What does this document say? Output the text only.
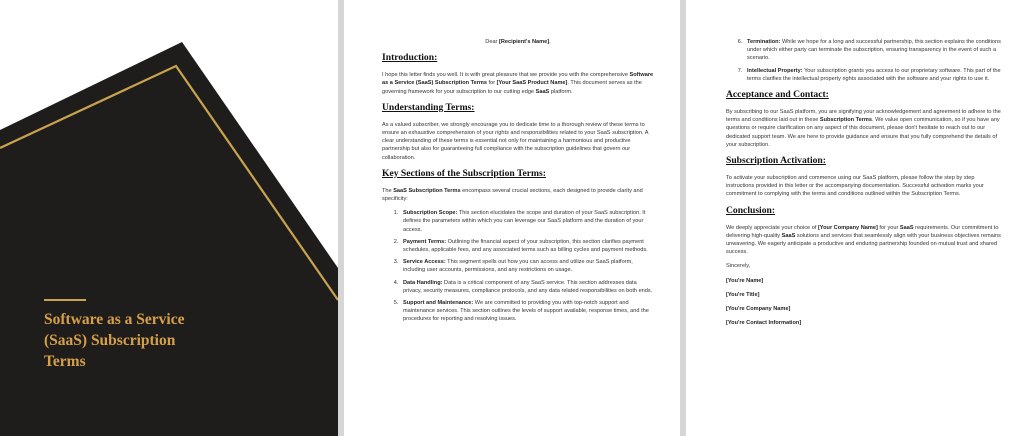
Software as a Service (SaaS) Subscription Terms
Dear [Recipient's Name],
Introduction:

I hope this letter finds you well. It is with great pleasure that we provide you with the comprehensive Software as a Service (SaaS) Subscription Terms for [Your SaaS Product Name]. This document serves as the governing framework for your subscription to our cutting edge SaaS platform.

Understanding Terms:

As a valued subscriber, we strongly encourage you to dedicate time to a thorough review of these terms to ensure an exhaustive comprehension of your rights and responsibilities related to your SaaS subscription. A clear understanding of these terms is essential not only for maintaining a harmonious and productive partnership but also for guaranteeing full compliance with the subscription guidelines that govern our collaboration.

Key Sections of the Subscription Terms:

The SaaS Subscription Terms encompass several crucial sections, each designed to provide clarity and specificity:

1. Subscription Scope: This section elucidates the scope and duration of your SaaS subscription. It defines the parameters within which you can leverage our SaaS platform and the duration of your access.
2. Payment Terms: Outlining the financial aspect of your subscription, this section clarifies payment schedules, applicable fees, and any associated terms such as billing cycles and payment methods.
3. Service Access: This segment spells out how you can access and utilize our SaaS platform, including user accounts, permissions, and any restrictions on usage.
4. Data Handling: Data is a critical component of any SaaS service. This section addresses data privacy, security measures, compliance protocols, and any data related responsibilities on both ends.
5. Support and Maintenance: We are committed to providing you with top-notch support and maintenance services. This section outlines the levels of support available, response times, and the procedures for reporting and resolving issues.
6. Termination: While we hope for a long and successful partnership, this section explains the conditions under which either party can terminate the subscription, ensuring transparency in the event of such a scenario.
7. Intellectual Property: Your subscription grants you access to our proprietary software. This part of the terms clarifies the intellectual property rights associated with the software and your rights to use it.
Acceptance and Contact:

By subscribing to our SaaS platform, you are signifying your acknowledgement and agreement to adhere to the terms and conditions laid out in these Subscription Terms. We value open communication, so if you have any questions or require clarification on any aspect of this document, please don't hesitate to reach out to our dedicated support team. We are here to provide guidance and ensure that you fully comprehend the details of your subscription.

Subscription Activation:

To activate your subscription and commence using our SaaS platform, please follow the step by step instructions provided in this letter or the accompanying documentation. Successful activation marks your commitment to complying with the terms and conditions outlined within the Subscription Terms.

Conclusion:

We deeply appreciate your choice of [Your Company Name] for your SaaS requirements. Our commitment to delivering high-quality SaaS solutions and services that seamlessly align with your business objectives remains unwavering. We eagerly anticipate a productive and enduring partnership founded on mutual trust and shared success.

Sincerely,

[You're Name]

[You're Title]

[You're Company Name]

[You're Contact Information]
